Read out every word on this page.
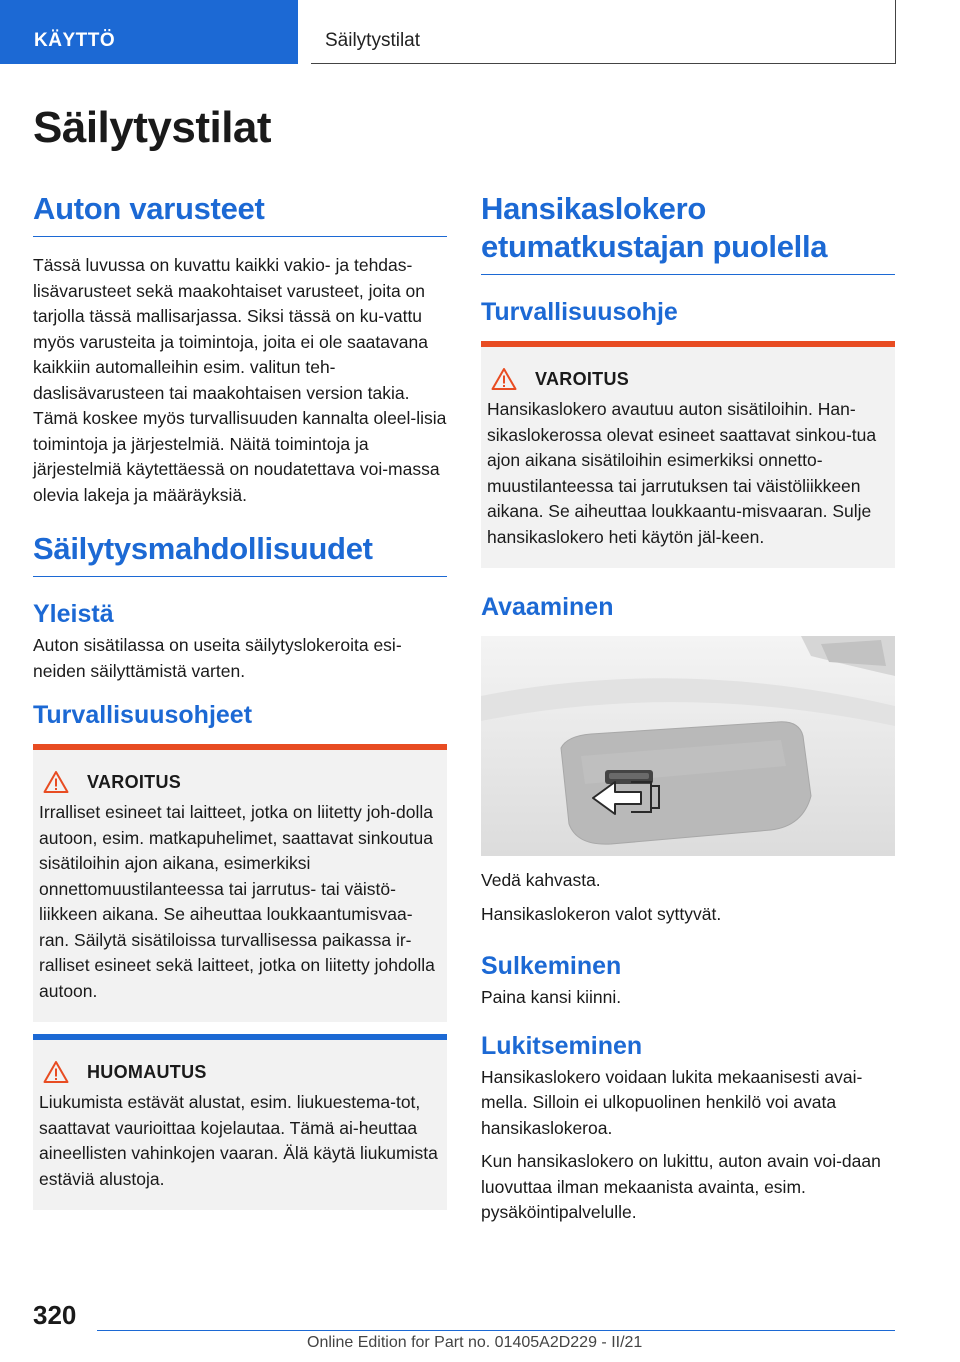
KÄYTTÖ	Säilytystilat
Säilytystilat
Auton varusteet

Tässä luvussa on kuvattu kaikki vakio- ja tehdas-lisävarusteet sekä maakohtaiset varusteet, joita on tarjolla tässä mallisarjassa. Siksi tässä on ku-vattu myös varusteita ja toimintoja, joita ei ole saatavana kaikkiin automalleihin esim. valitun teh-daslisävarusteen tai maakohtaisen version takia. Tämä koskee myös turvallisuuden kannalta oleel-lisia toimintoja ja järjestelmiä. Näitä toimintoja ja järjestelmiä käytettäessä on noudatettava voi-massa olevia lakeja ja määräyksiä.

Säilytysmahdollisuudet
Yleistä

Auton sisätilassa on useita säilytyslokeroita esi-neiden säilyttämistä varten.

Turvallisuusohjeet
VAROITUS

Irralliset esineet tai laitteet, jotka on liitetty joh-dolla autoon, esim. matkapuhelimet, saattavat sinkoutua sisätiloihin ajon aikana, esimerkiksi onnettomuustilanteessa tai jarrutus- tai väistö-liikkeen aikana. Se aiheuttaa loukkaantumisvaa-ran. Säilytä sisätiloissa turvallisessa paikassa ir-ralliset esineet sekä laitteet, jotka on liitetty johdolla autoon.

HUOMAUTUS

Liukumista estävät alustat, esim. liukuestema-tot, saattavat vaurioittaa kojelautaa. Tämä ai-heuttaa aineellisten vahinkojen vaaran. Älä käytä liukumista estäviä alustoja.

Hansikaslokero etumatkustajan puolella
Turvallisuusohje
VAROITUS

Hansikaslokero avautuu auton sisätiloihin. Han-sikaslokerossa olevat esineet saattavat sinkou-tua ajon aikana sisätiloihin esimerkiksi onnetto-muustilanteessa tai jarrutuksen tai väistöliikkeen aikana. Se aiheuttaa loukkaantu-misvaaran. Sulje hansikaslokero heti käytön jäl-keen.

Avaaminen

Vedä kahvasta.

Hansikaslokeron valot syttyvät.

Sulkeminen

Paina kansi kiinni.

Lukitseminen

Hansikaslokero voidaan lukita mekaanisesti avai-mella. Silloin ei ulkopuolinen henkilö voi avata hansikaslokeroa.

Kun hansikaslokero on lukittu, auton avain voi-daan luovuttaa ilman mekaanista avainta, esim. pysäköintipalvelulle.

320
Online Edition for Part no. 01405A2D229 - II/21
